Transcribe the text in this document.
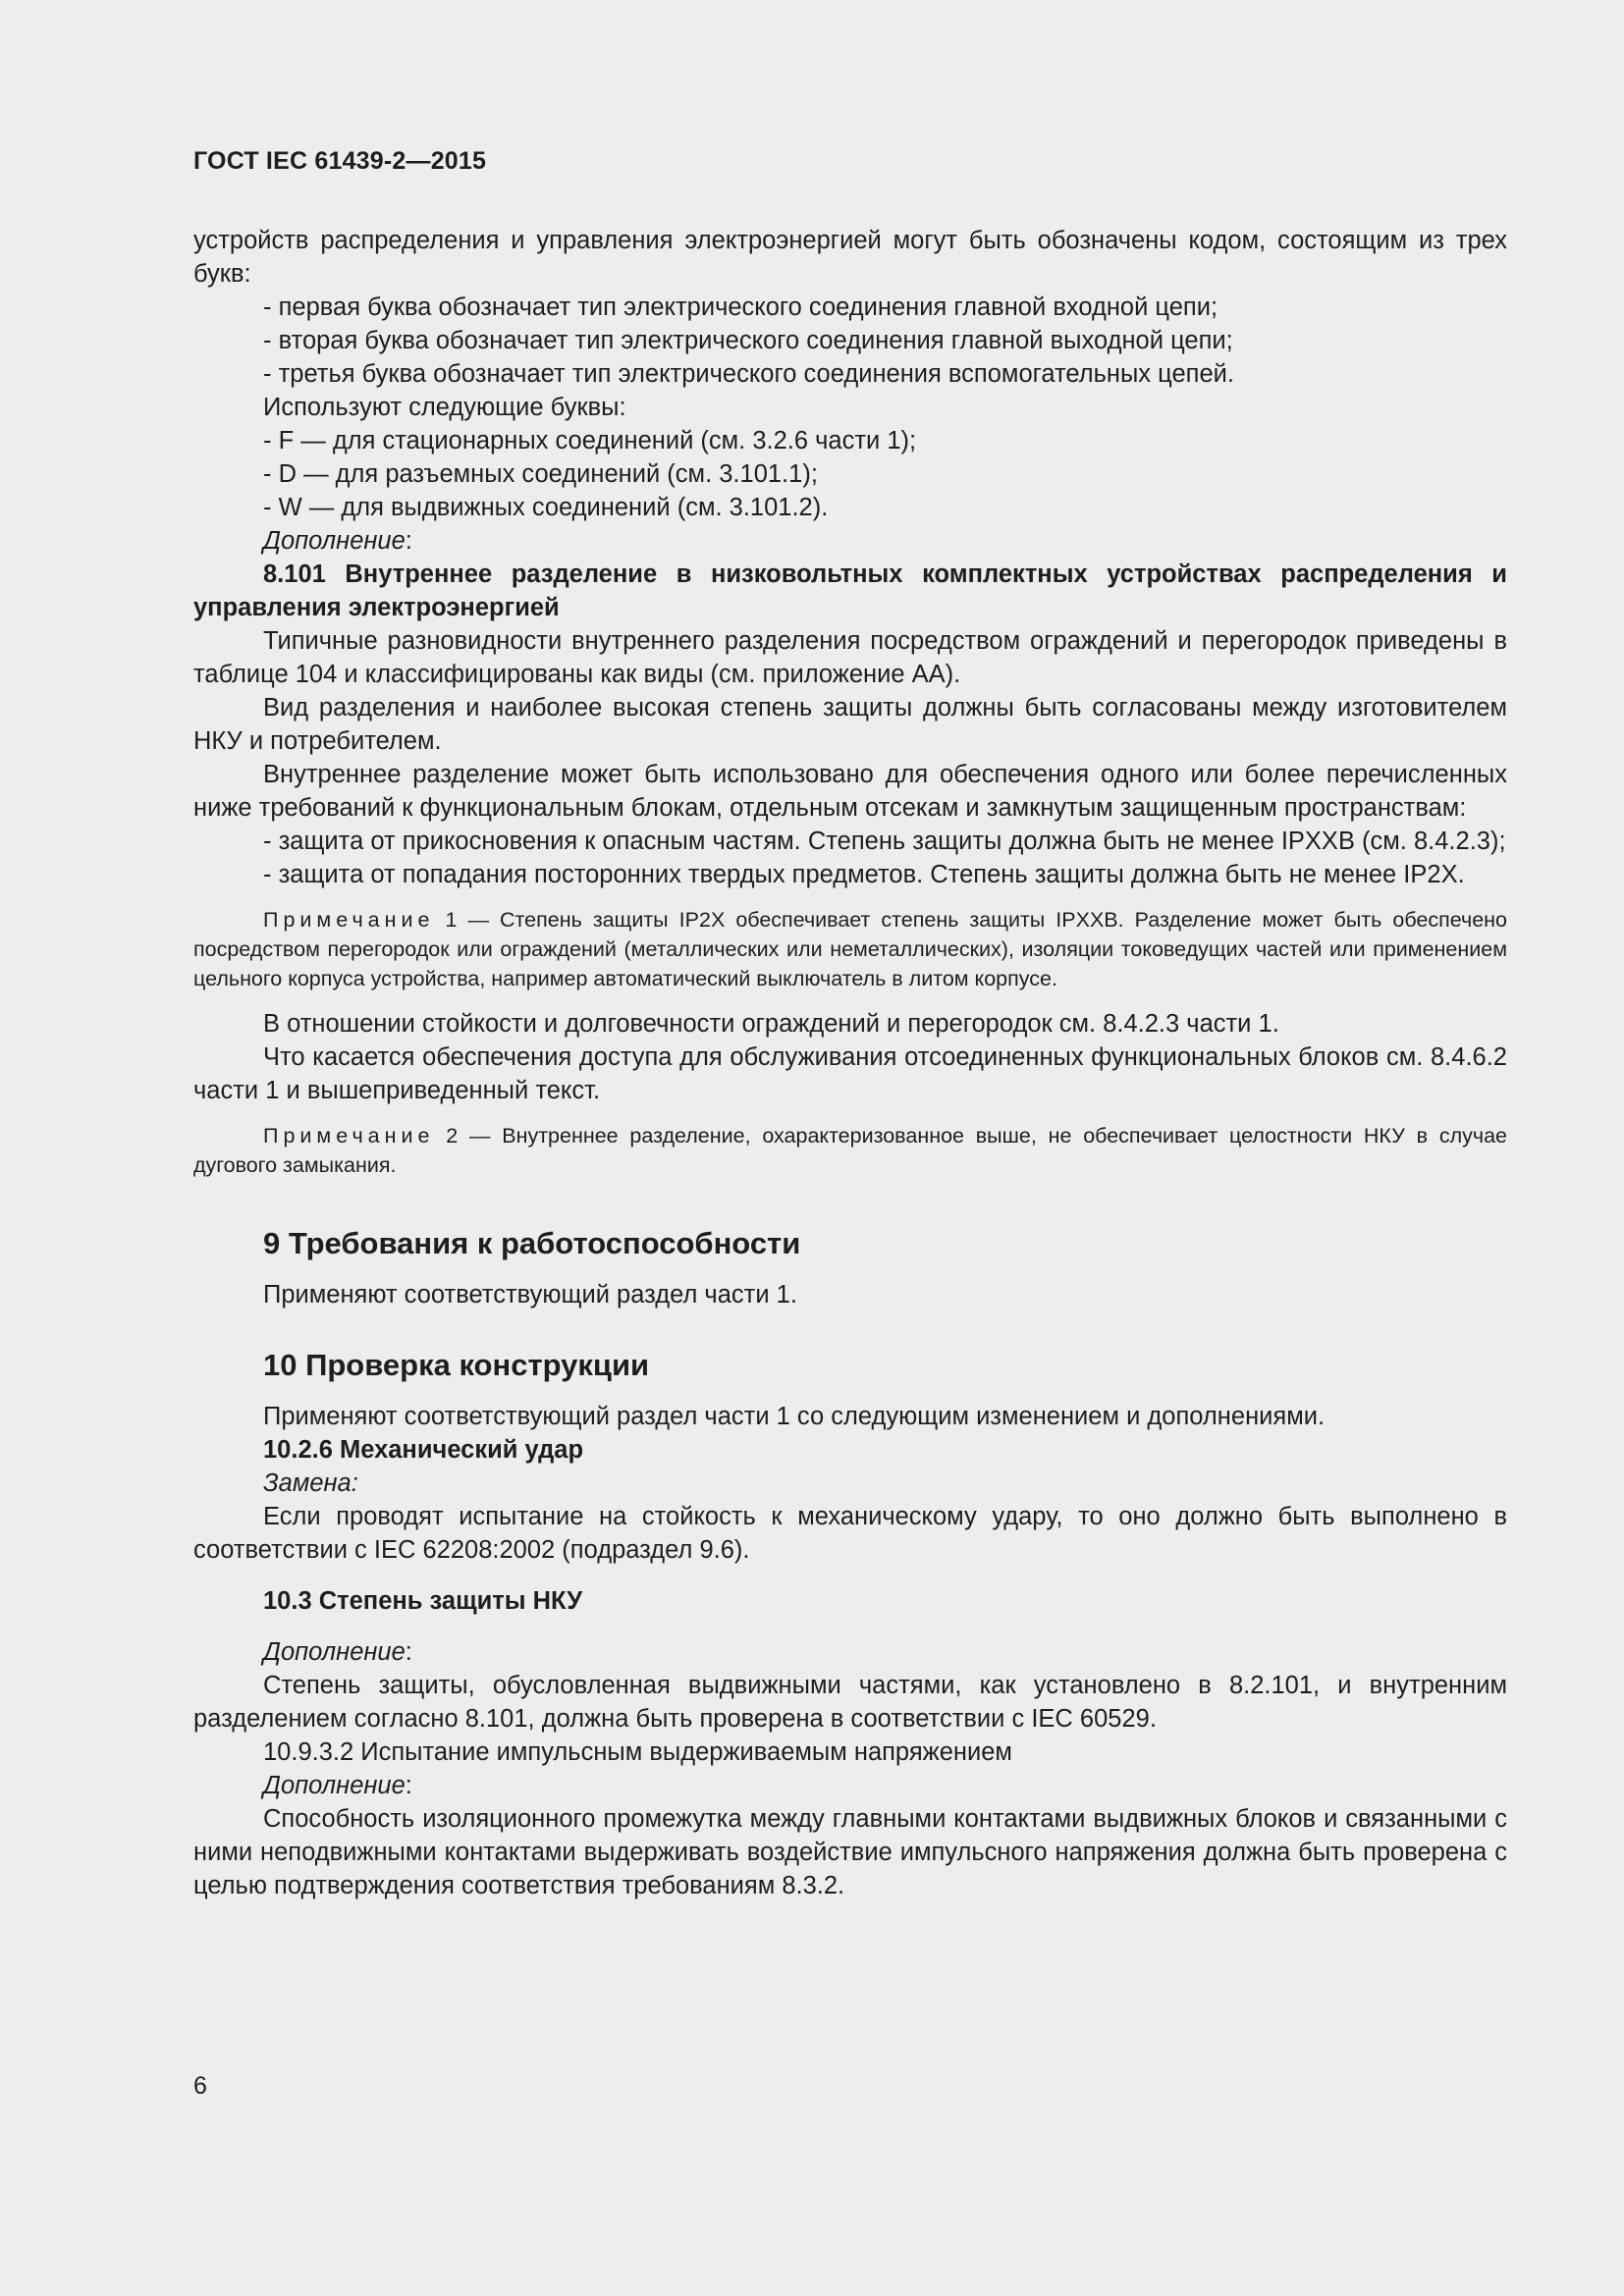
ГОСТ IEC 61439-2—2015

устройств распределения и управления электроэнергией могут быть обозначены кодом, состоящим из трех букв:

- первая буква обозначает тип электрического соединения главной входной цепи;

- вторая буква обозначает тип электрического соединения главной выходной цепи;

- третья буква обозначает тип электрического соединения вспомогательных цепей.

Используют следующие буквы:

- F — для стационарных соединений (см. 3.2.6 части 1);

- D — для разъемных соединений (см. 3.101.1);

- W — для выдвижных соединений (см. 3.101.2).

Дополнение:

8.101 Внутреннее разделение в низковольтных комплектных устройствах распределения и управления электроэнергией

Типичные разновидности внутреннего разделения посредством ограждений и перегородок приведены в таблице 104 и классифицированы как виды (см. приложение АА).

Вид разделения и наиболее высокая степень защиты должны быть согласованы между изготовителем НКУ и потребителем.

Внутреннее разделение может быть использовано для обеспечения одного или более перечисленных ниже требований к функциональным блокам, отдельным отсекам и замкнутым защищенным пространствам:

- защита от прикосновения к опасным частям. Степень защиты должна быть не менее IPXXB (см. 8.4.2.3);

- защита от попадания посторонних твердых предметов. Степень защиты должна быть не менее IP2X.

Примечание 1 — Степень защиты IP2X обеспечивает степень защиты IPXXB. Разделение может быть обеспечено посредством перегородок или ограждений (металлических или неметаллических), изоляции токоведущих частей или применением цельного корпуса устройства, например автоматический выключатель в литом корпусе.

В отношении стойкости и долговечности ограждений и перегородок см. 8.4.2.3 части 1.

Что касается обеспечения доступа для обслуживания отсоединенных функциональных блоков см. 8.4.6.2 части 1 и вышеприведенный текст.

Примечание 2 — Внутреннее разделение, охарактеризованное выше, не обеспечивает целостности НКУ в случае дугового замыкания.

9 Требования к работоспособности

Применяют соответствующий раздел части 1.

10 Проверка конструкции

Применяют соответствующий раздел части 1 со следующим изменением и дополнениями.

10.2.6 Механический удар

Замена:

Если проводят испытание на стойкость к механическому удару, то оно должно быть выполнено в соответствии с IEC 62208:2002 (подраздел 9.6).

10.3 Степень защиты НКУ

Дополнение:

Степень защиты, обусловленная выдвижными частями, как установлено в 8.2.101, и внутренним разделением согласно 8.101, должна быть проверена в соответствии с IEC 60529.

10.9.3.2 Испытание импульсным выдерживаемым напряжением

Дополнение:

Способность изоляционного промежутка между главными контактами выдвижных блоков и связанными с ними неподвижными контактами выдерживать воздействие импульсного напряжения должна быть проверена с целью подтверждения соответствия требованиям 8.3.2.

6
